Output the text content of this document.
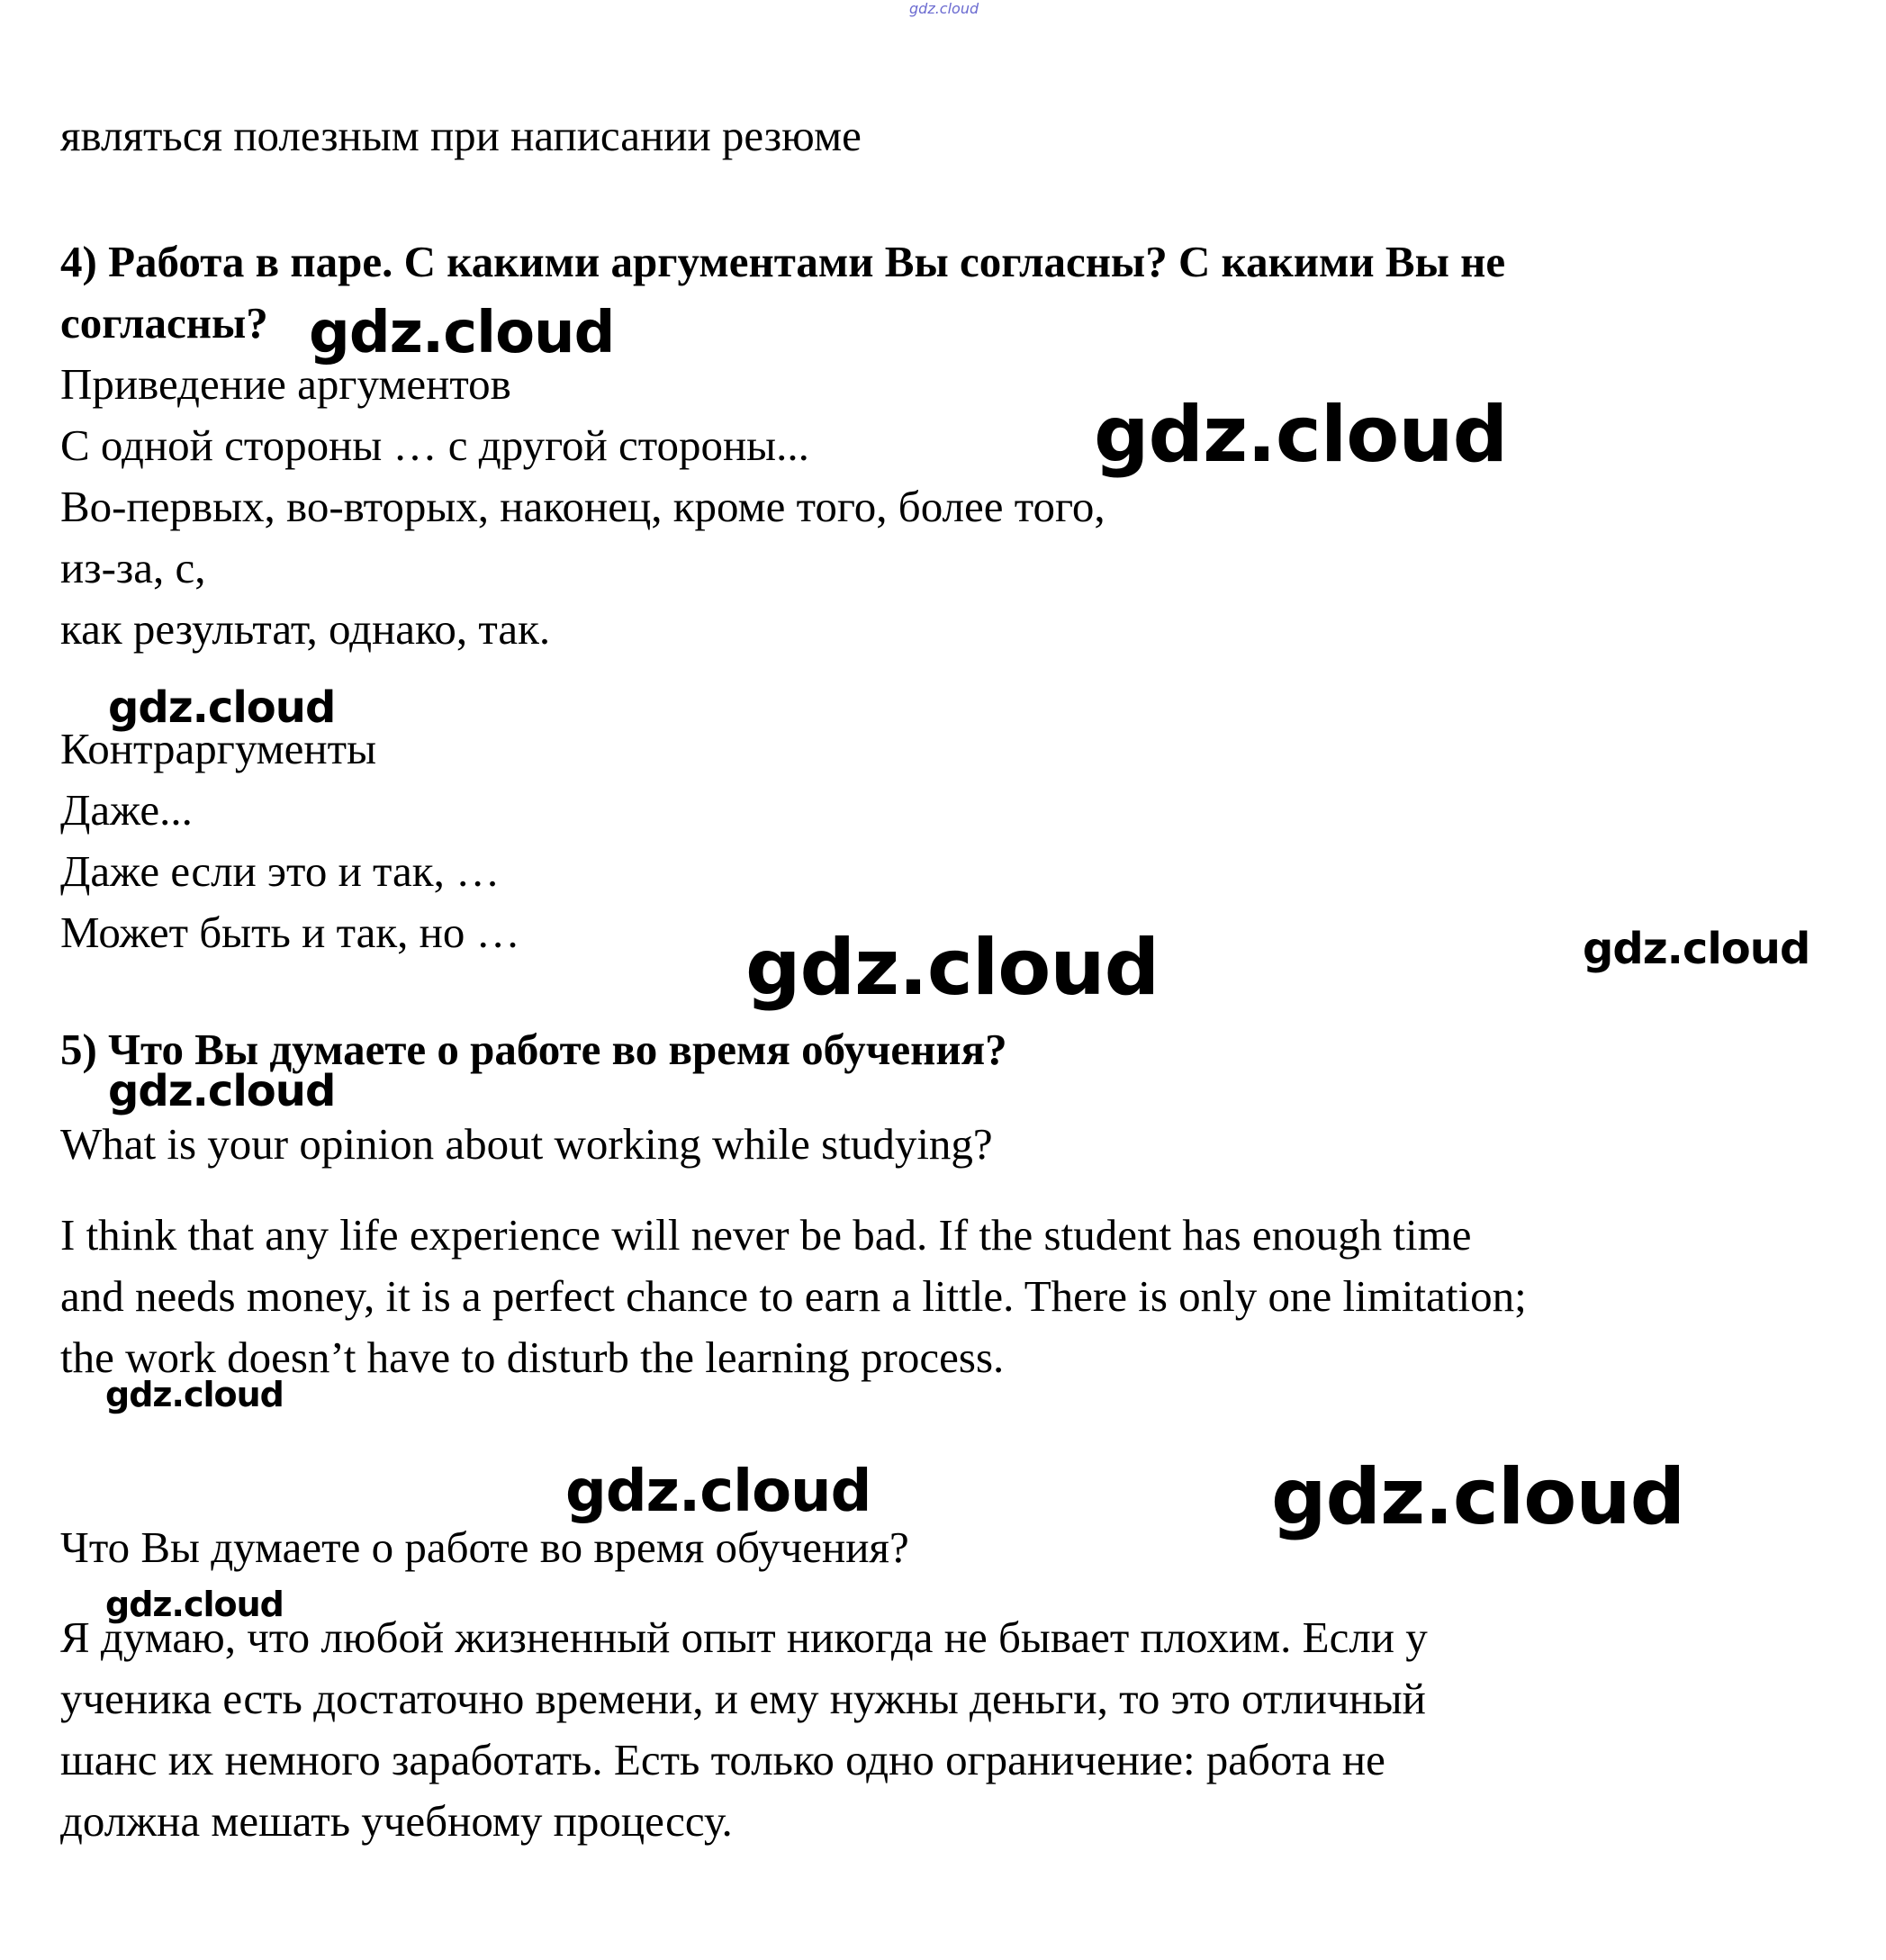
gdz.cloud
являться полезным при написании резюме
4) Работа в паре. С какими аргументами Вы согласны? С какими Вы не
согласны?
Приведение аргументов
С одной стороны … с другой стороны...
Во-первых, во-вторых, наконец, кроме того, более того,
из-за, с,
как результат, однако, так.
Контраргументы
Даже...
Даже если это и так, …
Может быть и так, но …
5) Что Вы думаете о работе во время обучения?
What is your opinion about working while studying?
I think that any life experience will never be bad. If the student has enough time
and needs money, it is a perfect chance to earn a little. There is only one limitation;
the work doesn’t have to disturb the learning process.
Что Вы думаете о работе во время обучения?
Я думаю, что любой жизненный опыт никогда не бывает плохим. Если у
ученика есть достаточно времени, и ему нужны деньги, то это отличный
шанс их немного заработать. Есть только одно ограничение: работа не
должна мешать учебному процессу.
gdz.cloud
gdz.cloud
gdz.cloud
gdz.cloud	gdz.cloud
gdz.cloud
gdz.cloud
gdz.cloud	gdz.cloud
gdz.cloud
